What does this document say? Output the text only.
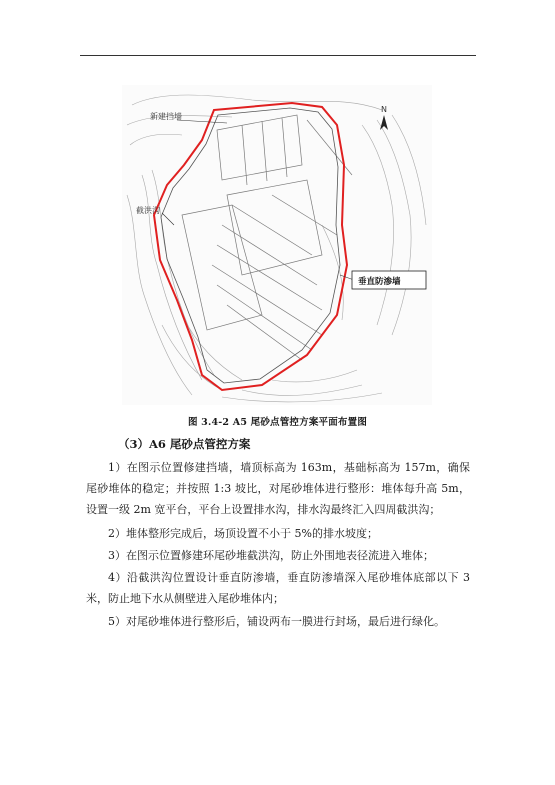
新建挡墙
截洪沟
垂直防渗墙
N
图 3.4-2 A5 尾砂点管控方案平面布置图
（3）A6 尾砂点管控方案

1）在图示位置修建挡墙，墙顶标高为 163m，基础标高为 157m，确保尾砂堆体的稳定；并按照 1:3 坡比，对尾砂堆体进行整形：堆体每升高 5m，设置一级 2m 宽平台，平台上设置排水沟，排水沟最终汇入四周截洪沟；

2）堆体整形完成后，场顶设置不小于 5%的排水坡度；

3）在图示位置修建环尾砂堆截洪沟，防止外围地表径流进入堆体；

4）沿截洪沟位置设计垂直防渗墙，垂直防渗墙深入尾砂堆体底部以下 3 米，防止地下水从侧壁进入尾砂堆体内；

5）对尾砂堆体进行整形后，铺设两布一膜进行封场，最后进行绿化。
